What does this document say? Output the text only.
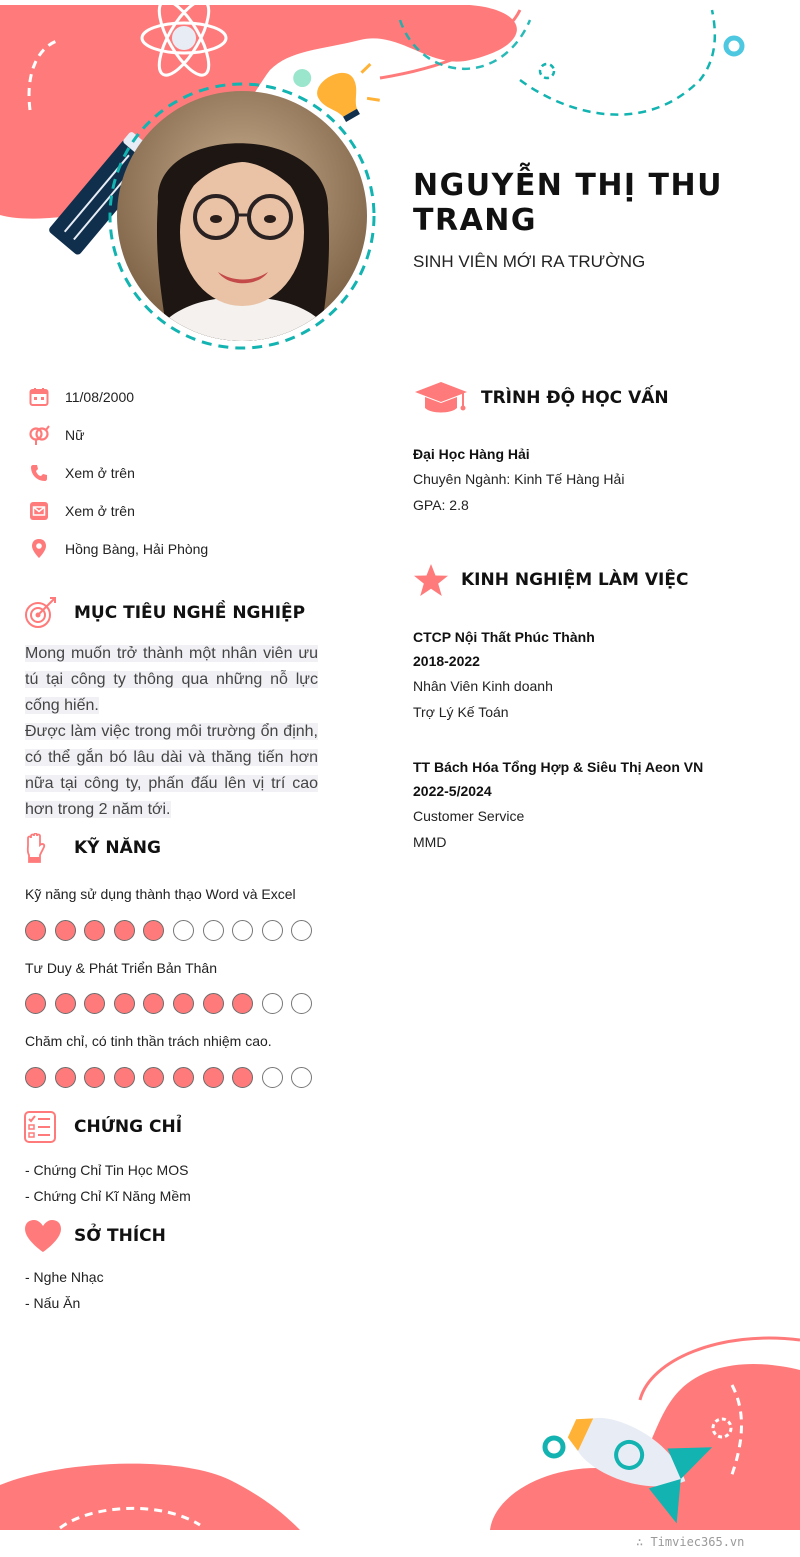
NGUYỄN THỊ THU TRANG
SINH VIÊN MỚI RA TRƯỜNG
11/08/2000
Nữ
Xem ở trên
Xem ở trên
Hồng Bàng, Hải Phòng
MỤC TIÊU NGHỀ NGHIỆP

Mong muốn trở thành một nhân viên ưu tú tại công ty thông qua những nỗ lực cống hiến.

Được làm việc trong môi trường ổn định, có thể gắn bó lâu dài và thăng tiến hơn nữa tại công ty, phấn đấu lên vị trí cao hơn trong 2 năm tới.

KỸ NĂNG
Kỹ năng sử dụng thành thạo Word và Excel
Tư Duy & Phát Triển Bản Thân
Chăm chỉ, có tinh thần trách nhiệm cao.
CHỨNG CHỈ
- Chứng Chỉ Tin Học MOS
- Chứng Chỉ Kĩ Năng Mềm
SỞ THÍCH
- Nghe Nhạc
- Nấu Ăn
TRÌNH ĐỘ HỌC VẤN
Đại Học Hàng Hải
Chuyên Ngành: Kinh Tế Hàng Hải
GPA: 2.8
KINH NGHIỆM LÀM VIỆC
CTCP Nội Thất Phúc Thành
2018-2022
Nhân Viên Kinh doanh
Trợ Lý Kế Toán
TT Bách Hóa Tổng Hợp & Siêu Thị Aeon VN
2022-5/2024
Customer Service
MMD
∴ Timviec365.vn
